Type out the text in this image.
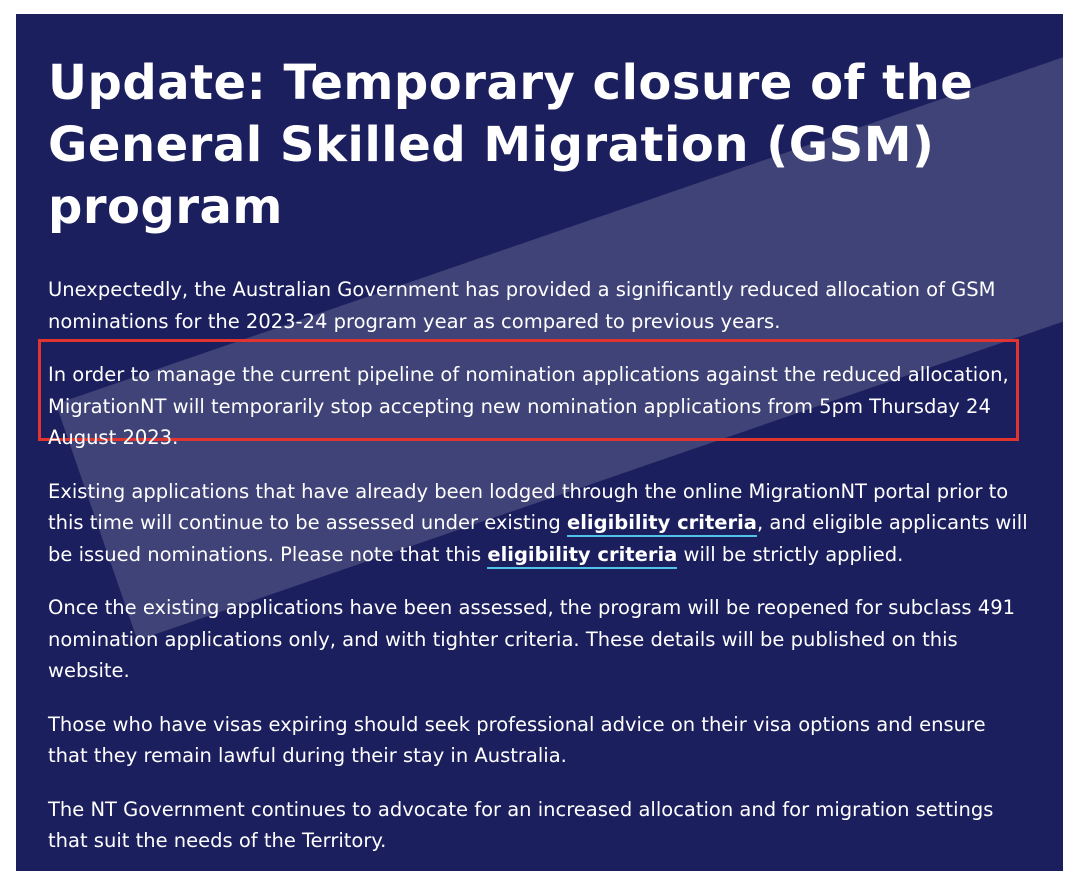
Update: Temporary closure of the General Skilled Migration (GSM) program

Unexpectedly, the Australian Government has provided a significantly reduced allocation of GSM nominations for the 2023-24 program year as compared to previous years.

In order to manage the current pipeline of nomination applications against the reduced allocation, MigrationNT will temporarily stop accepting new nomination applications from 5pm Thursday 24 August 2023.

Existing applications that have already been lodged through the online MigrationNT portal prior to this time will continue to be assessed under existing eligibility criteria, and eligible applicants will be issued nominations. Please note that this eligibility criteria will be strictly applied.

Once the existing applications have been assessed, the program will be reopened for subclass 491 nomination applications only, and with tighter criteria. These details will be published on this website.

Those who have visas expiring should seek professional advice on their visa options and ensure that they remain lawful during their stay in Australia.

The NT Government continues to advocate for an increased allocation and for migration settings that suit the needs of the Territory.
